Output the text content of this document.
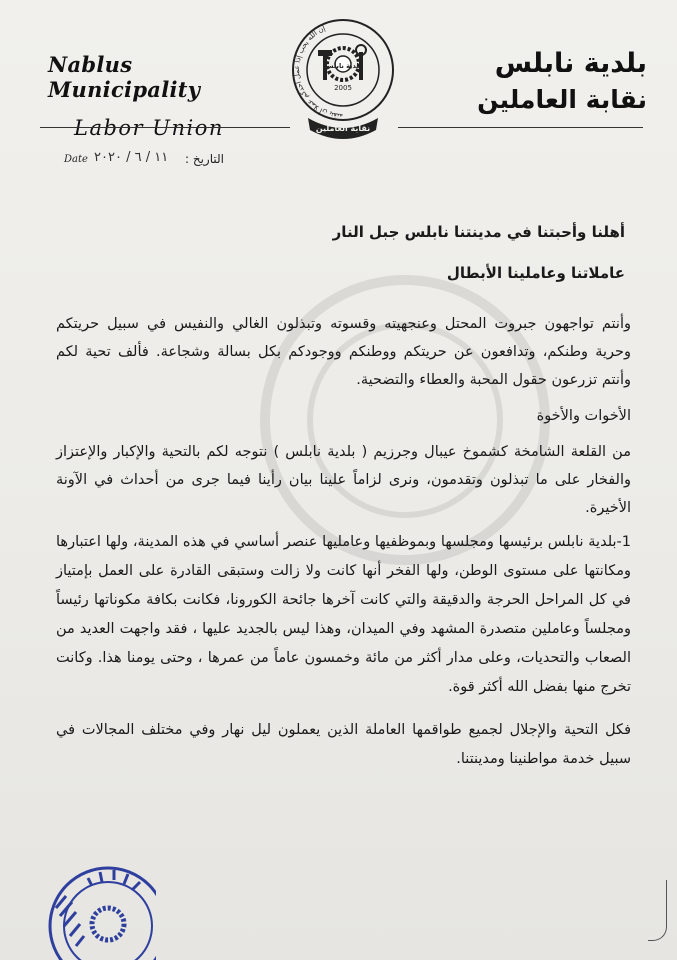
Nablus Municipality
Labor Union
إن الله يحب إذا عمل أحدكم عملا أن يتقنه
بلدية نابلس
2005
نقابة العاملين
بلدية نابلس
نقابة العاملين
Date ١١ / ٦ / ٢٠٢٠ التاريخ :
أهلنا وأحبتنا في مدينتنا نابلس جبل النار
عاملاتنا وعاملينا الأبطال
وأنتم تواجهون جبروت المحتل وعنجهيته وقسوته وتبذلون الغالي والنفيس في سبيل حريتكم وحرية وطنكم، وتدافعون عن حريتكم ووطنكم ووجودكم بكل بسالة وشجاعة. فألف تحية لكم وأنتم تزرعون حقول المحبة والعطاء والتضحية.
الأخوات والأخوة
من القلعة الشامخة كشموخ عيبال وجرزيم ( بلدية نابلس ) نتوجه لكم بالتحية والإكبار والإعتزاز والفخار على ما تبذلون وتقدمون، ونرى لزاماً علينا بيان رأينا فيما جرى من أحداث في الآونة الأخيرة.
1-بلدية نابلس برئيسها ومجلسها وبموظفيها وعامليها عنصر أساسي في هذه المدينة، ولها اعتبارها ومكانتها على مستوى الوطن، ولها الفخر أنها كانت ولا زالت وستبقى القادرة على العمل بإمتياز في كل المراحل الحرجة والدقيقة والتي كانت آخرها جائحة الكورونا، فكانت بكافة مكوناتها رئيساً ومجلساً وعاملين متصدرة المشهد وفي الميدان، وهذا ليس بالجديد عليها ، فقد واجهت العديد من الصعاب والتحديات، وعلى مدار أكثر من مائة وخمسون عاماً من عمرها ، وحتى يومنا هذا. وكانت تخرج منها بفضل الله أكثر قوة.
فكل التحية والإجلال لجميع طواقمها العاملة الذين يعملون ليل نهار وفي مختلف المجالات في سبيل خدمة مواطنينا ومدينتنا.
